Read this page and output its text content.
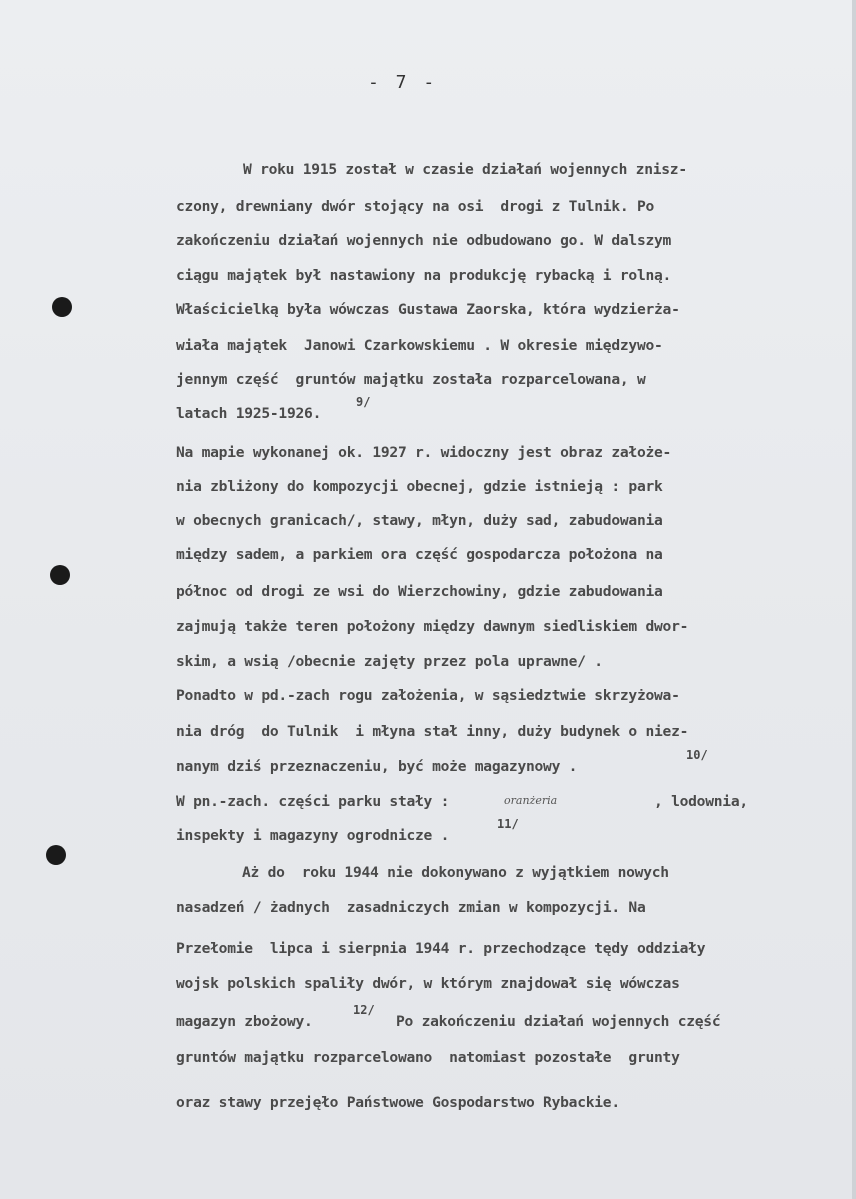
- 7 -
W roku 1915 został w czasie działań wojennych znisz-
czony, drewniany dwór stojący na osi  drogi z Tulnik. Po
zakończeniu działań wojennych nie odbudowano go. W dalszym
ciągu majątek był nastawiony na produkcję rybacką i rolną.
Właścicielką była wówczas Gustawa Zaorska, która wydzierża-
wiała majątek  Janowi Czarkowskiemu . W okresie międzywo-
jennym część  gruntów majątku została rozparcelowana, w
latach 1925-1926.
9/
Na mapie wykonanej ok. 1927 r. widoczny jest obraz założe-
nia zbliżony do kompozycji obecnej, gdzie istnieją : park
w obecnych granicach/, stawy, młyn, duży sad, zabudowania
między sadem, a parkiem ora część gospodarcza położona na
północ od drogi ze wsi do Wierzchowiny, gdzie zabudowania
zajmują także teren położony między dawnym siedliskiem dwor-
skim, a wsią /obecnie zajęty przez pola uprawne/ .
Ponadto w pd.-zach rogu założenia, w sąsiedztwie skrzyżowa-
nia dróg  do Tulnik  i młyna stał inny, duży budynek o niez-
nanym dziś przeznaczeniu, być może magazynowy .
10/
W pn.-zach. części parku stały :	oranżeria	, lodownia,
inspekty i magazyny ogrodnicze .
11/
Aż do  roku 1944 nie dokonywano z wyjątkiem nowych
nasadzeń / żadnych  zasadniczych zmian w kompozycji. Na
Przełomie  lipca i sierpnia 1944 r. przechodzące tędy oddziały
wojsk polskich spaliły dwór, w którym znajdował się wówczas
magazyn zbożowy.
12/
Po zakończeniu działań wojennych część
gruntów majątku rozparcelowano  natomiast pozostałe  grunty
oraz stawy przejęło Państwowe Gospodarstwo Rybackie.
